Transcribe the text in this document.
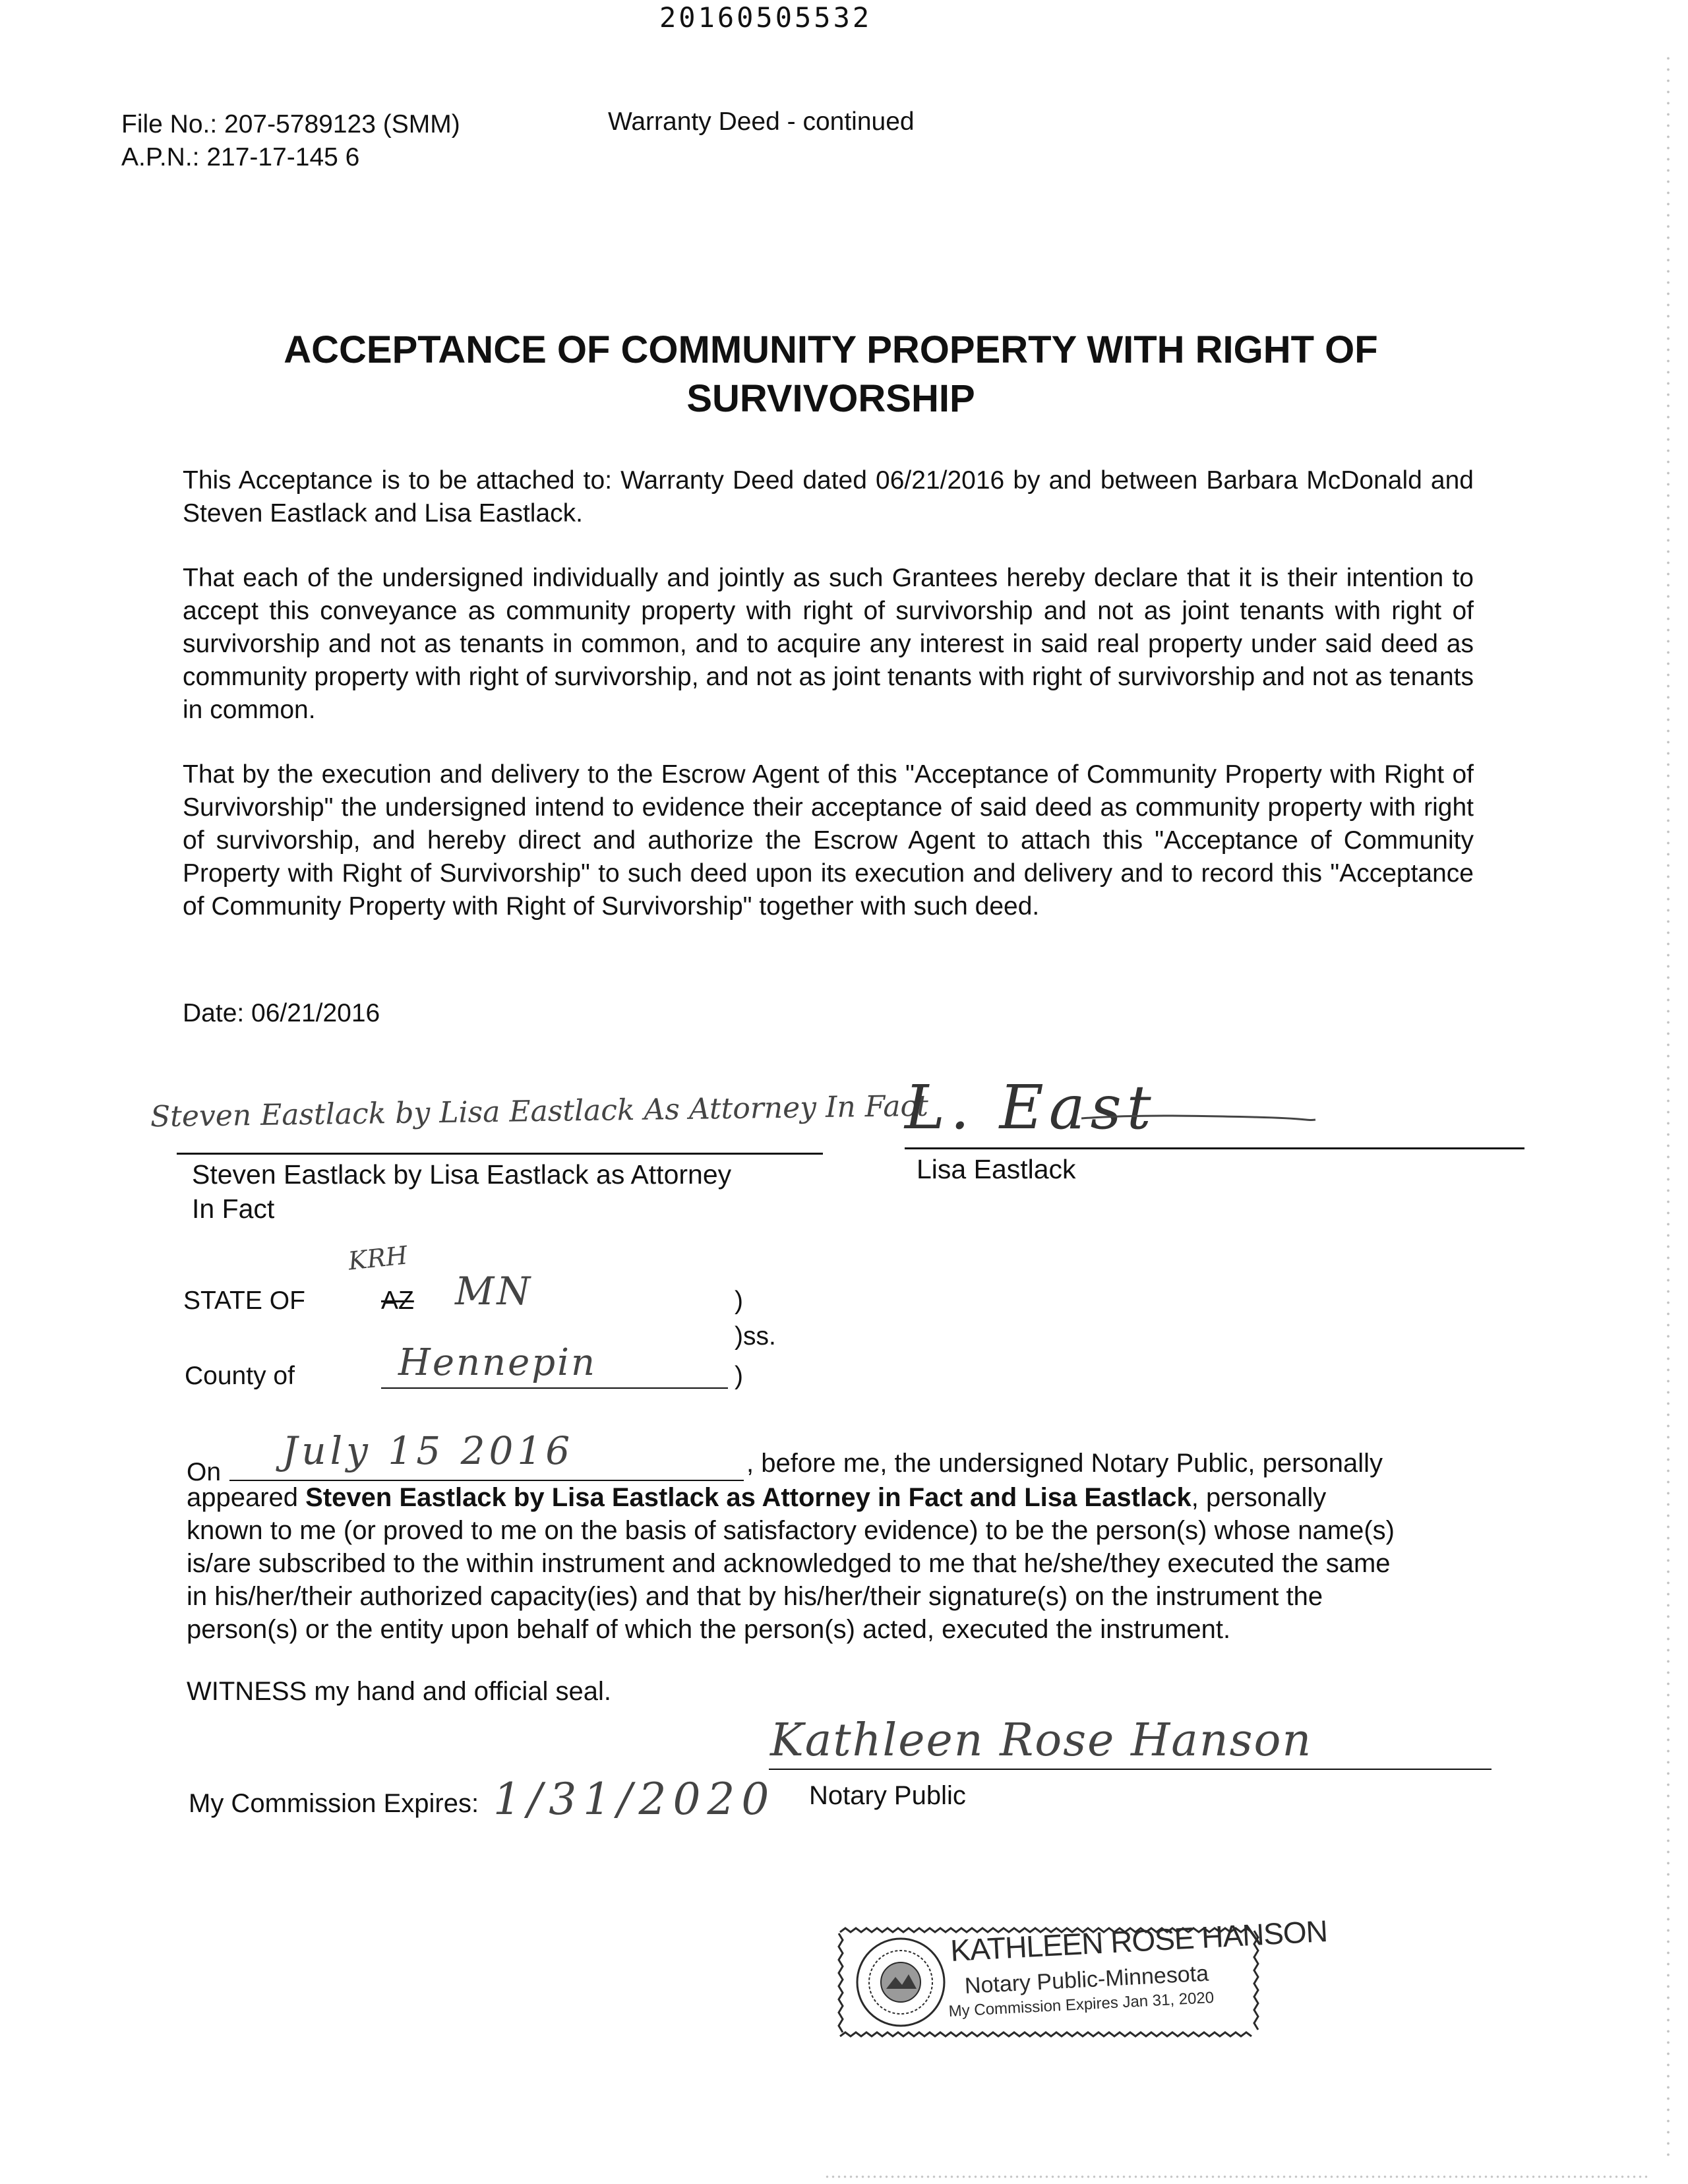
20160505532
File No.: 207-5789123 (SMM)
A.P.N.: 217-17-145 6
Warranty Deed - continued
ACCEPTANCE OF COMMUNITY PROPERTY WITH RIGHT OF
SURVIVORSHIP

This Acceptance is to be attached to: Warranty Deed dated 06/21/2016 by and between Barbara McDonald and Steven Eastlack and Lisa Eastlack.

That each of the undersigned individually and jointly as such Grantees hereby declare that it is their intention to accept this conveyance as community property with right of survivorship and not as joint tenants with right of survivorship and not as tenants in common, and to acquire any interest in said real property under said deed as community property with right of survivorship, and not as joint tenants with right of survivorship and not as tenants in common.

That by the execution and delivery to the Escrow Agent of this "Acceptance of Community Property with Right of Survivorship" the undersigned intend to evidence their acceptance of said deed as community property with right of survivorship, and hereby direct and authorize the Escrow Agent to attach this "Acceptance of Community Property with Right of Survivorship" to such deed upon its execution and delivery and to record this "Acceptance of Community Property with Right of Survivorship" together with such deed.

Date: 06/21/2016
Steven Eastlack by Lisa Eastlack As Attorney In Fact
Steven Eastlack by Lisa Eastlack as Attorney
In Fact
L. East
Lisa Eastlack
KRH
STATE OF	AZ MN	)
)ss.
County of	Hennepin	)
On July 15 2016	, before me, the undersigned Notary Public, personally
appeared Steven Eastlack by Lisa Eastlack as Attorney in Fact and Lisa Eastlack, personally
known to me (or proved to me on the basis of satisfactory evidence) to be the person(s) whose name(s)
is/are subscribed to the within instrument and acknowledged to me that he/she/they executed the same
in his/her/their authorized capacity(ies) and that by his/her/their signature(s) on the instrument the
person(s) or the entity upon behalf of which the person(s) acted, executed the instrument.
WITNESS my hand and official seal.
Kathleen Rose Hanson
Notary Public
My Commission Expires: 1/31/2020
KATHLEEN ROSE HANSON
Notary Public-Minnesota
My Commission Expires Jan 31, 2020
